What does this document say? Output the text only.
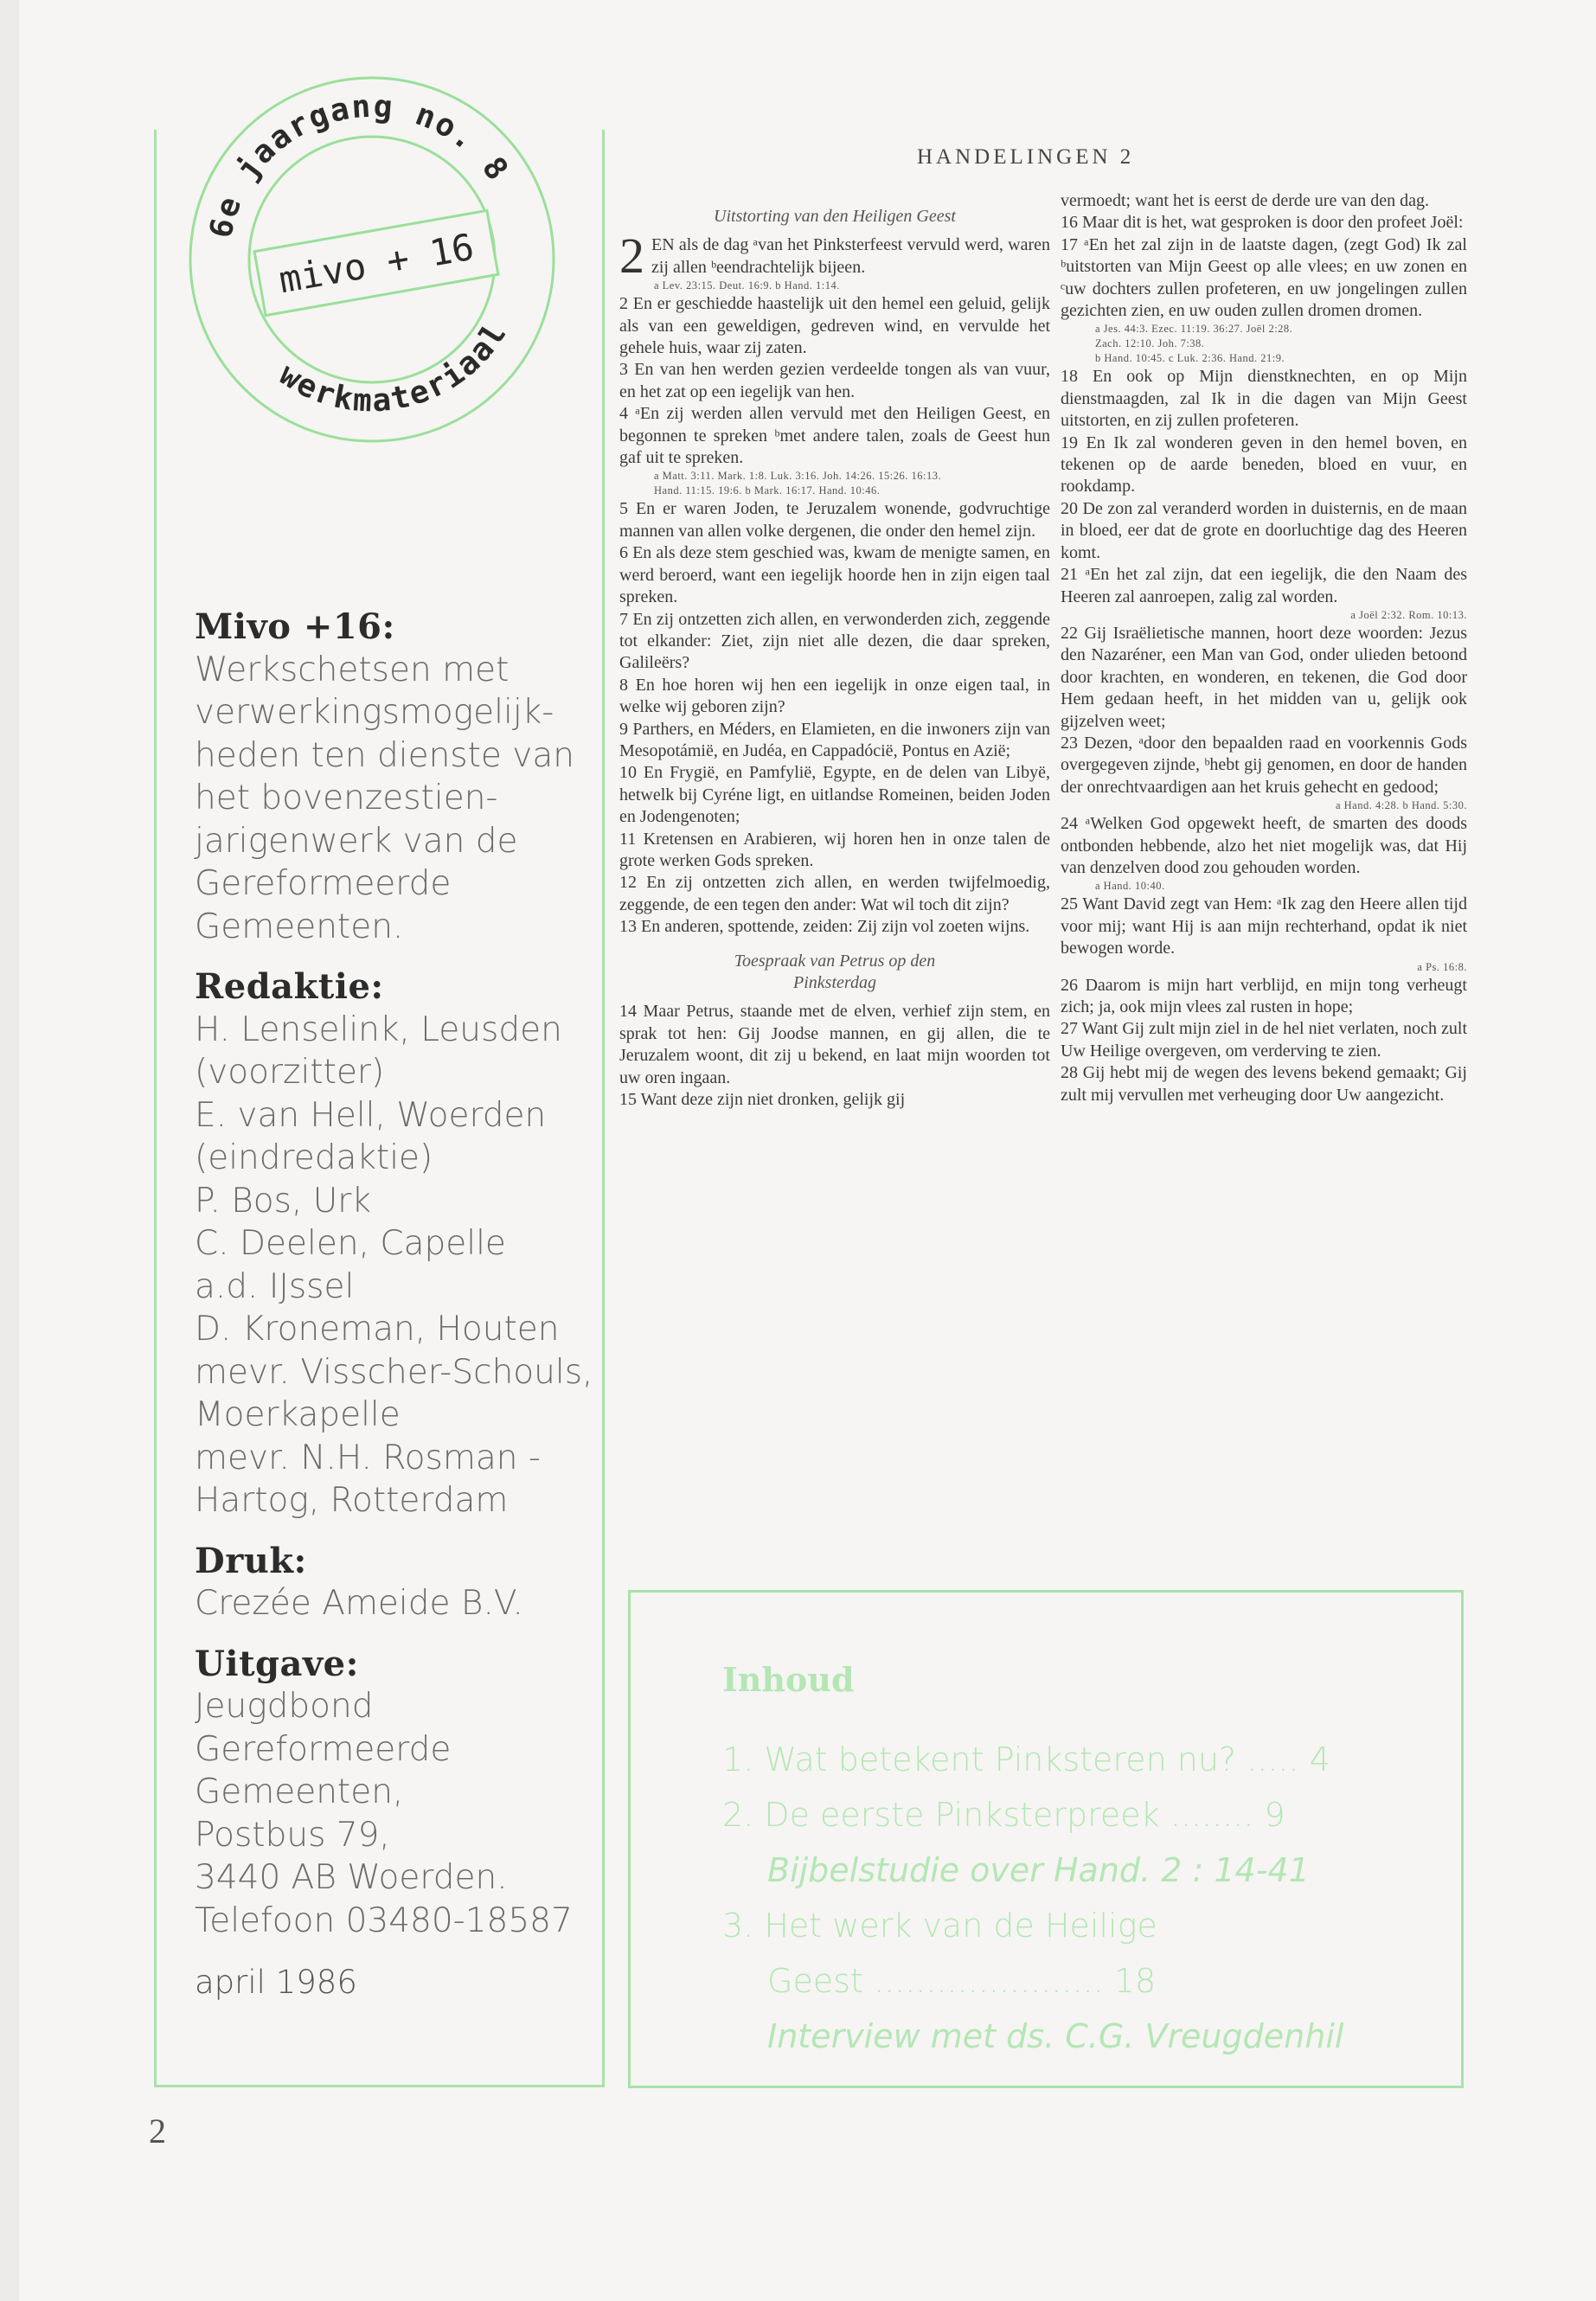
6e jaargang no. 8
werkmateriaal
mivo + 16
Mivo +16:
Werkschetsen met
verwerkingsmogelijk-
heden ten dienste van
het bovenzestien-
jarigenwerk van de
Gereformeerde
Gemeenten.
Redaktie:
H. Lenselink, Leusden
(voorzitter)
E. van Hell, Woerden
(eindredaktie)
P. Bos, Urk
C. Deelen, Capelle
a.d. IJssel
D. Kroneman, Houten
mevr. Visscher-Schouls,
Moerkapelle
mevr. N.H. Rosman -
Hartog, Rotterdam
Druk:
Crezée Ameide B.V.
Uitgave:
Jeugdbond
Gereformeerde
Gemeenten,
Postbus 79,
3440 AB Woerden.
Telefoon 03480-18587
april 1986
2
HANDELINGEN 2

Uitstorting van den Heiligen Geest

2 EN als de dag ᵃvan het Pinksterfeest vervuld werd, waren zij allen ᵇeendrachtelijk bijeen.

a Lev. 23:15. Deut. 16:9. b Hand. 1:14.

2 En er geschiedde haastelijk uit den hemel een geluid, gelijk als van een geweldigen, gedreven wind, en vervulde het gehele huis, waar zij zaten.

3 En van hen werden gezien verdeelde tongen als van vuur, en het zat op een iegelijk van hen.

4 ᵃEn zij werden allen vervuld met den Heiligen Geest, en begonnen te spreken ᵇmet andere talen, zoals de Geest hun gaf uit te spreken.

a Matt. 3:11. Mark. 1:8. Luk. 3:16. Joh. 14:26. 15:26. 16:13.

Hand. 11:15. 19:6. b Mark. 16:17. Hand. 10:46.

5 En er waren Joden, te Jeruzalem wonende, godvruchtige mannen van allen volke dergenen, die onder den hemel zijn.

6 En als deze stem geschied was, kwam de menigte samen, en werd beroerd, want een iegelijk hoorde hen in zijn eigen taal spreken.

7 En zij ontzetten zich allen, en verwonderden zich, zeggende tot elkander: Ziet, zijn niet alle dezen, die daar spreken, Galileërs?

8 En hoe horen wij hen een iegelijk in onze eigen taal, in welke wij geboren zijn?

9 Parthers, en Méders, en Elamieten, en die inwoners zijn van Mesopotámië, en Judéa, en Cappadócië, Pontus en Azië;

10 En Frygië, en Pamfylië, Egypte, en de delen van Libyë, hetwelk bij Cyréne ligt, en uitlandse Romeinen, beiden Joden en Jodengenoten;

11 Kretensen en Arabieren, wij horen hen in onze talen de grote werken Gods spreken.

12 En zij ontzetten zich allen, en werden twijfelmoedig, zeggende, de een tegen den ander: Wat wil toch dit zijn?

13 En anderen, spottende, zeiden: Zij zijn vol zoeten wijns.

Toespraak van Petrus op den

Pinksterdag

14 Maar Petrus, staande met de elven, verhief zijn stem, en sprak tot hen: Gij Joodse mannen, en gij allen, die te Jeruzalem woont, dit zij u bekend, en laat mijn woorden tot uw oren ingaan.

15 Want deze zijn niet dronken, gelijk gij

vermoedt; want het is eerst de derde ure van den dag.

16 Maar dit is het, wat gesproken is door den profeet Joël:

17 ᵃEn het zal zijn in de laatste dagen, (zegt God) Ik zal ᵇuitstorten van Mijn Geest op alle vlees; en uw zonen en ᶜuw dochters zullen profeteren, en uw jongelingen zullen gezichten zien, en uw ouden zullen dromen dromen.

a Jes. 44:3. Ezec. 11:19. 36:27. Joël 2:28.

Zach. 12:10. Joh. 7:38.

b Hand. 10:45. c Luk. 2:36. Hand. 21:9.

18 En ook op Mijn dienstknechten, en op Mijn dienstmaagden, zal Ik in die dagen van Mijn Geest uitstorten, en zij zullen profeteren.

19 En Ik zal wonderen geven in den hemel boven, en tekenen op de aarde beneden, bloed en vuur, en rookdamp.

20 De zon zal veranderd worden in duisternis, en de maan in bloed, eer dat de grote en doorluchtige dag des Heeren komt.

21 ᵃEn het zal zijn, dat een iegelijk, die den Naam des Heeren zal aanroepen, zalig zal worden.

a Joël 2:32. Rom. 10:13.

22 Gij Israëlietische mannen, hoort deze woorden: Jezus den Nazaréner, een Man van God, onder ulieden betoond door krachten, en wonderen, en tekenen, die God door Hem gedaan heeft, in het midden van u, gelijk ook gijzelven weet;

23 Dezen, ᵃdoor den bepaalden raad en voorkennis Gods overgegeven zijnde, ᵇhebt gij genomen, en door de handen der onrechtvaardigen aan het kruis gehecht en gedood;

a Hand. 4:28. b Hand. 5:30.

24 ᵃWelken God opgewekt heeft, de smarten des doods ontbonden hebbende, alzo het niet mogelijk was, dat Hij van denzelven dood zou gehouden worden.

a Hand. 10:40.

25 Want David zegt van Hem: ᵃIk zag den Heere allen tijd voor mij; want Hij is aan mijn rechterhand, opdat ik niet bewogen worde.

a Ps. 16:8.

26 Daarom is mijn hart verblijd, en mijn tong verheugt zich; ja, ook mijn vlees zal rusten in hope;

27 Want Gij zult mijn ziel in de hel niet verlaten, noch zult Uw Heilige overgeven, om verderving te zien.

28 Gij hebt mij de wegen des levens bekend gemaakt; Gij zult mij vervullen met verheuging door Uw aangezicht.

Inhoud
1. Wat betekent Pinksteren nu? ..... 4
2. De eerste Pinksterpreek ........ 9
Bijbelstudie over Hand. 2 : 14-41
3. Het werk van de Heilige
Geest ...................... 18
Interview met ds. C.G. Vreugdenhil
